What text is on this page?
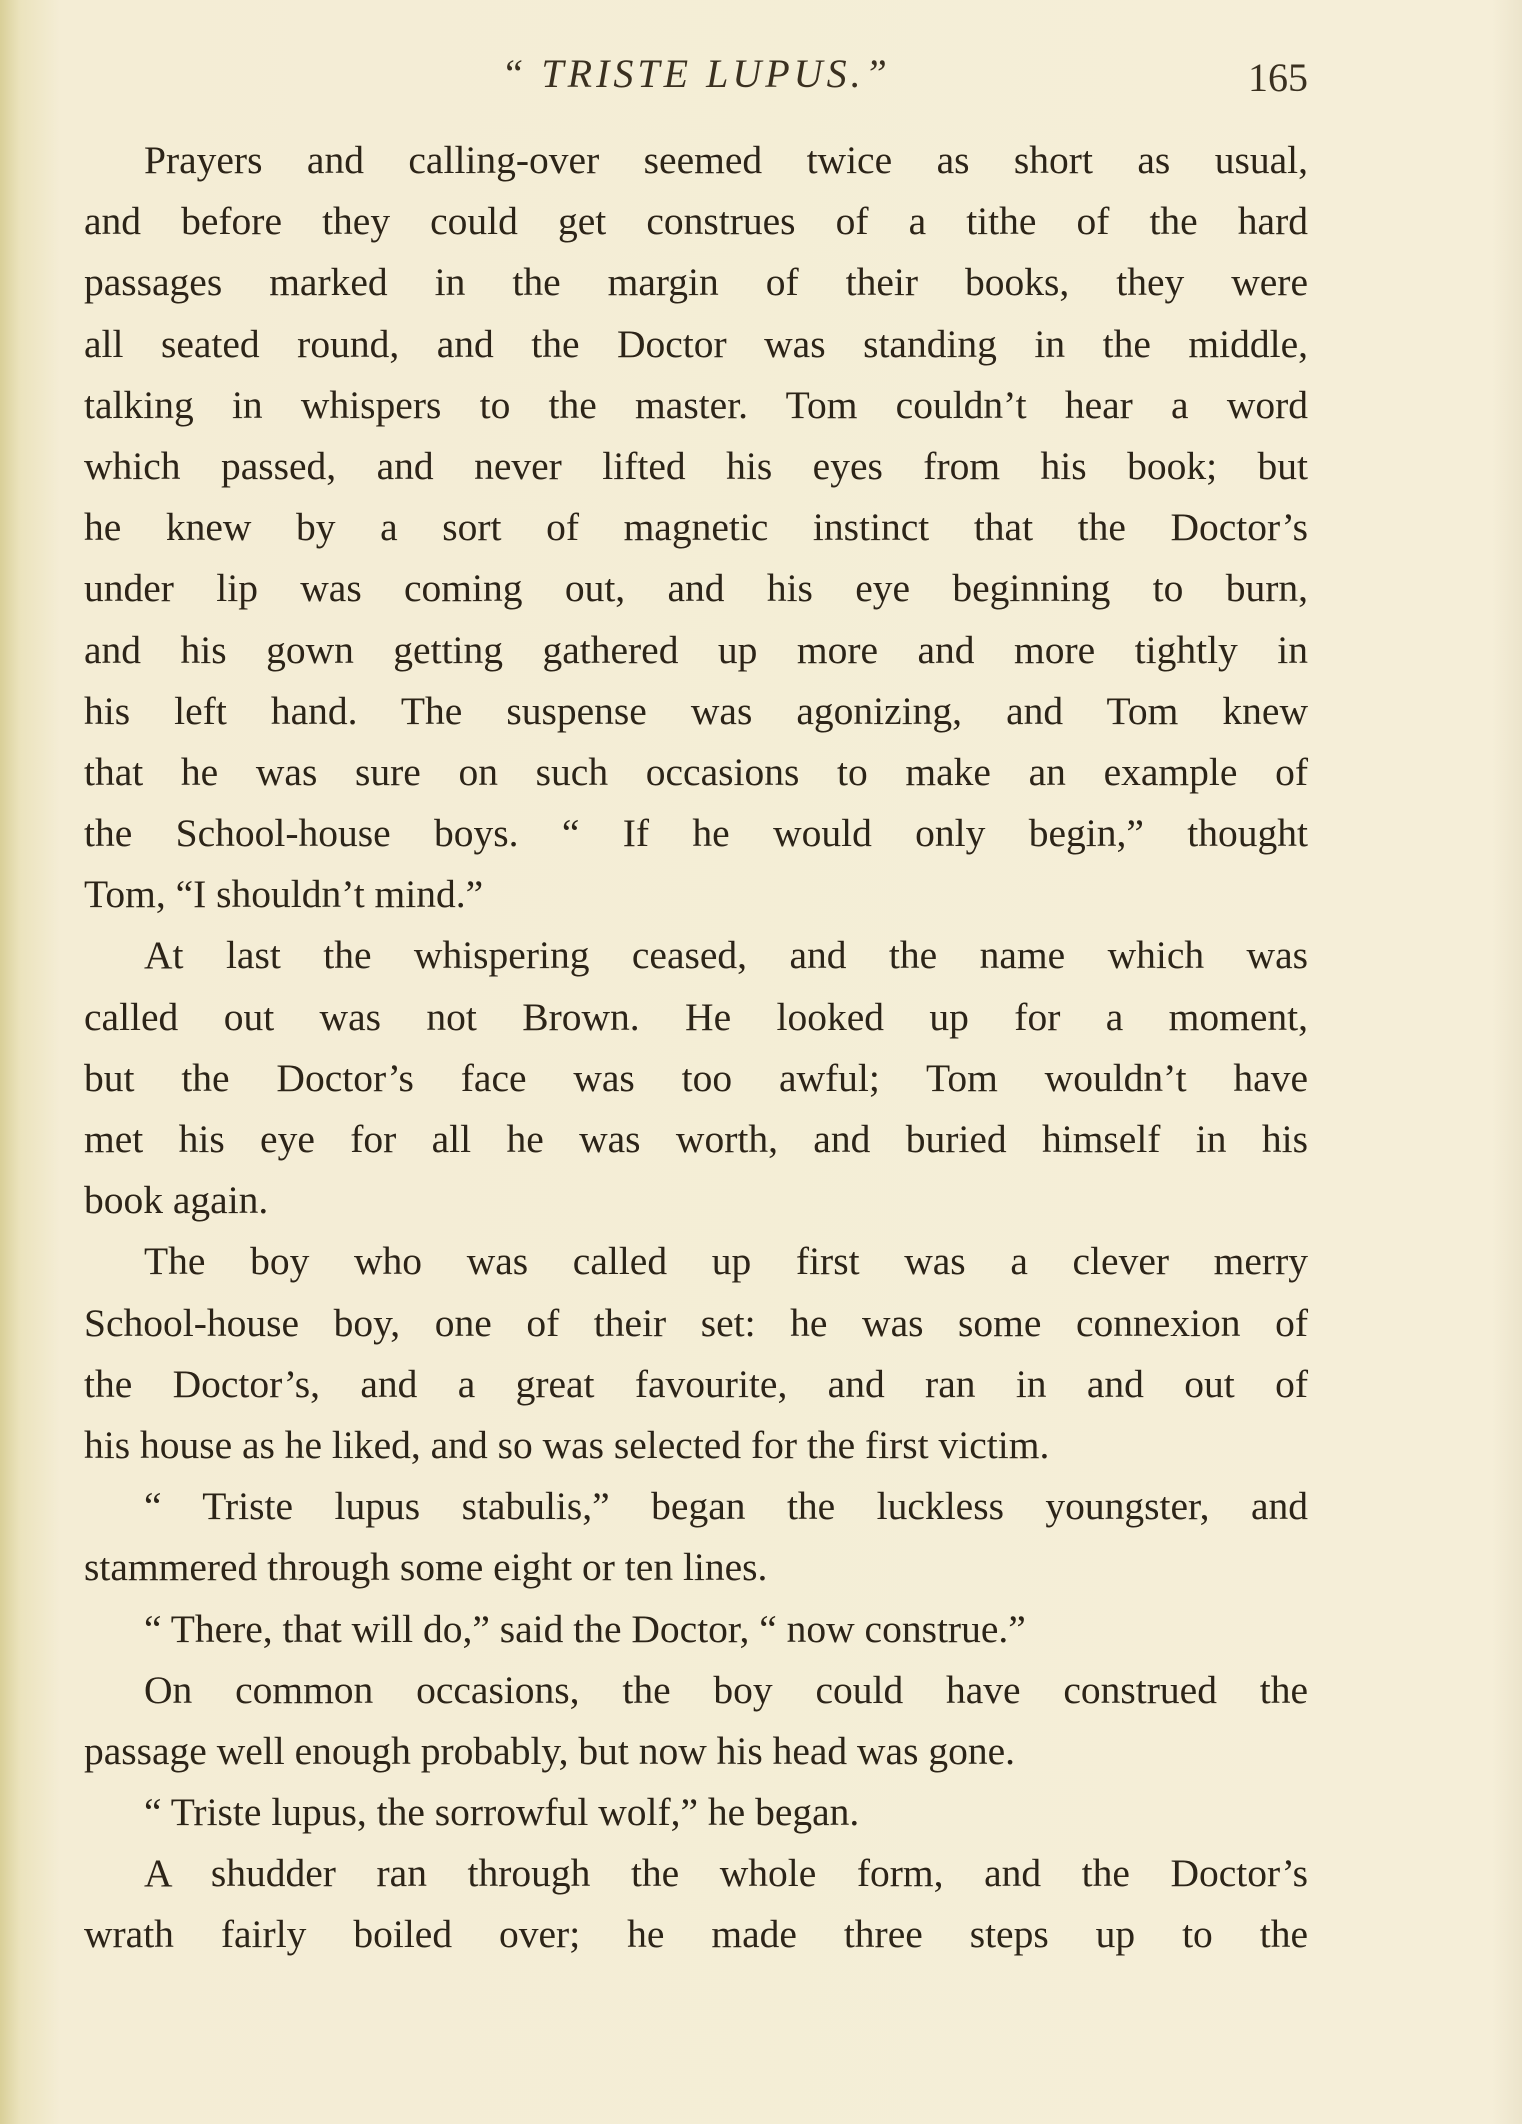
“ TRISTE LUPUS.”	165
Prayers and calling-over seemed twice as short as usual,
and before they could get construes of a tithe of the hard
passages marked in the margin of their books, they were
all seated round, and the Doctor was standing in the middle,
talking in whispers to the master. Tom couldn’t hear a word
which passed, and never lifted his eyes from his book; but
he knew by a sort of magnetic instinct that the Doctor’s
under lip was coming out, and his eye beginning to burn,
and his gown getting gathered up more and more tightly in
his left hand. The suspense was agonizing, and Tom knew
that he was sure on such occasions to make an example of
the School-house boys. “ If he would only begin,” thought
Tom, “I shouldn’t mind.”
At last the whispering ceased, and the name which was
called out was not Brown. He looked up for a moment,
but the Doctor’s face was too awful; Tom wouldn’t have
met his eye for all he was worth, and buried himself in his
book again.
The boy who was called up first was a clever merry
School-house boy, one of their set: he was some connexion of
the Doctor’s, and a great favourite, and ran in and out of
his house as he liked, and so was selected for the first victim.
“ Triste lupus stabulis,” began the luckless youngster, and
stammered through some eight or ten lines.
“ There, that will do,” said the Doctor, “ now construe.”
On common occasions, the boy could have construed the
passage well enough probably, but now his head was gone.
“ Triste lupus, the sorrowful wolf,” he began.
A shudder ran through the whole form, and the Doctor’s
wrath fairly boiled over; he made three steps up to the
